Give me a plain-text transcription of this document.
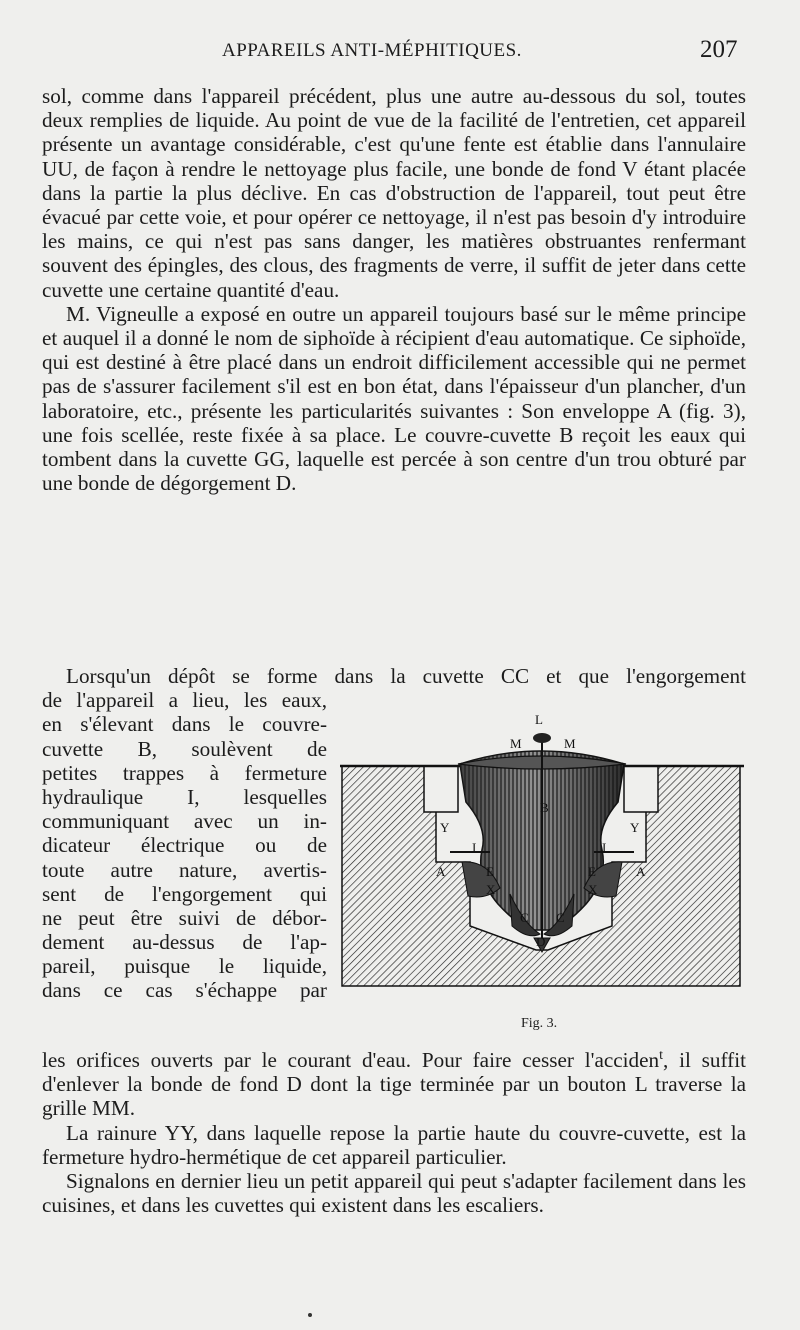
APPAREILS ANTI-MÉPHITIQUES.	207

sol, comme dans l'appareil précédent, plus une autre au-dessous du sol, toutes deux remplies de liquide. Au point de vue de la facilité de l'entretien, cet appareil présente un avantage considérable, c'est qu'une fente est établie dans l'annulaire UU, de façon à rendre le nettoyage plus facile, une bonde de fond V étant placée dans la partie la plus déclive. En cas d'obstruction de l'appareil, tout peut être évacué par cette voie, et pour opérer ce nettoyage, il n'est pas besoin d'y introduire les mains, ce qui n'est pas sans danger, les matières obstruantes renfermant souvent des épingles, des clous, des fragments de verre, il suffit de jeter dans cette cuvette une certaine quantité d'eau.

M. Vigneulle a exposé en outre un appareil toujours basé sur le même principe et auquel il a donné le nom de siphoïde à récipient d'eau automatique. Ce siphoïde, qui est destiné à être placé dans un endroit difficilement accessible qui ne permet pas de s'assurer facilement s'il est en bon état, dans l'épaisseur d'un plancher, d'un laboratoire, etc., présente les particularités suivantes : Son enveloppe A (fig. 3), une fois scellée, reste fixée à sa place. Le couvre-cuvette B reçoit les eaux qui tombent dans la cuvette GG, laquelle est percée à son centre d'un trou obturé par une bonde de dégorgement D.

Lorsqu'un dépôt se forme dans la cuvette CC et que l'engorgement
de l'appareil a lieu, les eaux,
en s'élevant dans le couvre-
cuvette B, soulèvent de
petites trappes à fermeture
hydraulique I, lesquelles
communiquant avec un in-
dicateur électrique ou de
toute autre nature, avertis-
sent de l'engorgement qui
ne peut être suivi de débor-
dement au-dessus de l'ap-
pareil, puisque le liquide,
dans ce cas s'échappe par
L
M	M
Y	Y
A	A
B
I	I
E	E
X	X
C C
D
Fig. 3.

les orifices ouverts par le courant d'eau. Pour faire cesser l'acciden$^t$, il suffit d'enlever la bonde de fond D dont la tige terminée par un bouton L traverse la grille MM.

La rainure YY, dans laquelle repose la partie haute du couvre-cuvette, est la fermeture hydro-hermétique de cet appareil particulier.

Signalons en dernier lieu un petit appareil qui peut s'adapter facilement dans les cuisines, et dans les cuvettes qui existent dans les escaliers.
